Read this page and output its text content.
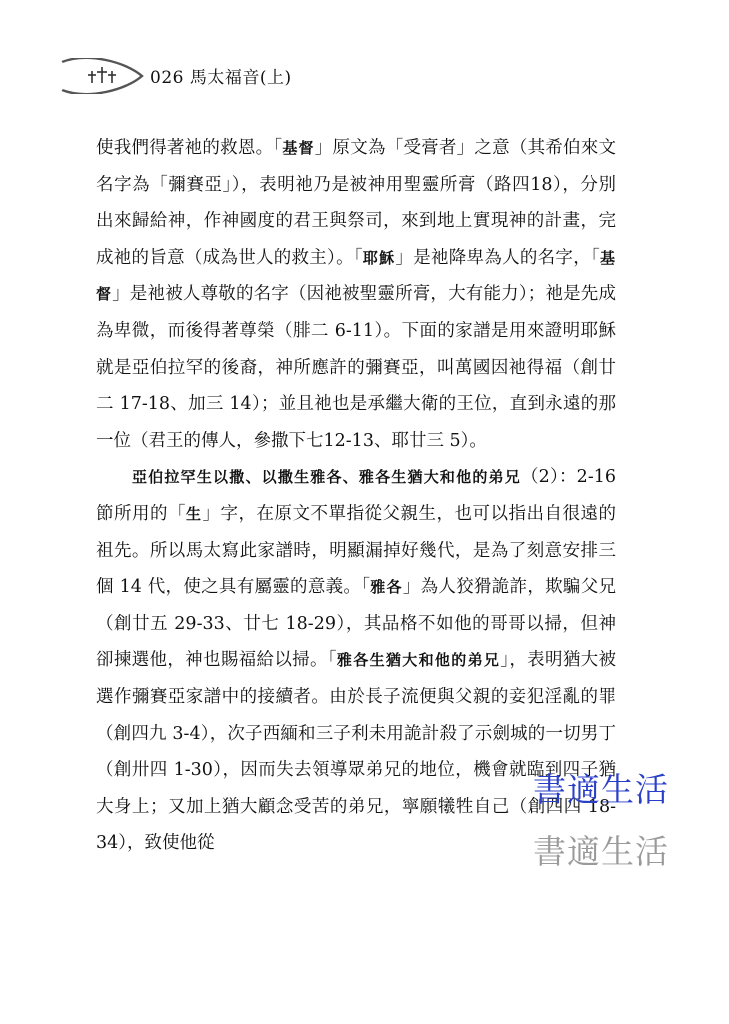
026 馬太福音(上)

使我們得著祂的救恩。「基督」原文為「受膏者」之意（其希伯來文名字為「彌賽亞」），表明祂乃是被神用聖靈所膏（路四18），分別出來歸給神，作神國度的君王與祭司，來到地上實現神的計畫，完成祂的旨意（成為世人的救主）。「耶穌」是祂降卑為人的名字，「基督」是祂被人尊敬的名字（因祂被聖靈所膏，大有能力）；祂是先成為卑微，而後得著尊榮（腓二 6-11）。下面的家譜是用來證明耶穌就是亞伯拉罕的後裔，神所應許的彌賽亞，叫萬國因祂得福（創廿二 17-18、加三 14）；並且祂也是承繼大衛的王位，直到永遠的那一位（君王的傳人，參撒下七12-13、耶廿三 5）。

亞伯拉罕生以撒、以撒生雅各、雅各生猶大和他的弟兄（2）：2-16 節所用的「生」字，在原文不單指從父親生，也可以指出自很遠的祖先。所以馬太寫此家譜時，明顯漏掉好幾代，是為了刻意安排三個 14 代，使之具有屬靈的意義。「雅各」為人狡猾詭詐，欺騙父兄（創廿五 29-33、廿七 18-29），其品格不如他的哥哥以掃，但神卻揀選他，神也賜福給以掃。「雅各生猶大和他的弟兄」，表明猶大被選作彌賽亞家譜中的接續者。由於長子流便與父親的妾犯淫亂的罪（創四九 3-4），次子西緬和三子利未用詭計殺了示劍城的一切男丁（創卅四 1-30），因而失去領導眾弟兄的地位，機會就臨到四子猶大身上；又加上猶大顧念受苦的弟兄，寧願犧牲自己（創四四 18-34），致使他從

書適生活
書適生活
